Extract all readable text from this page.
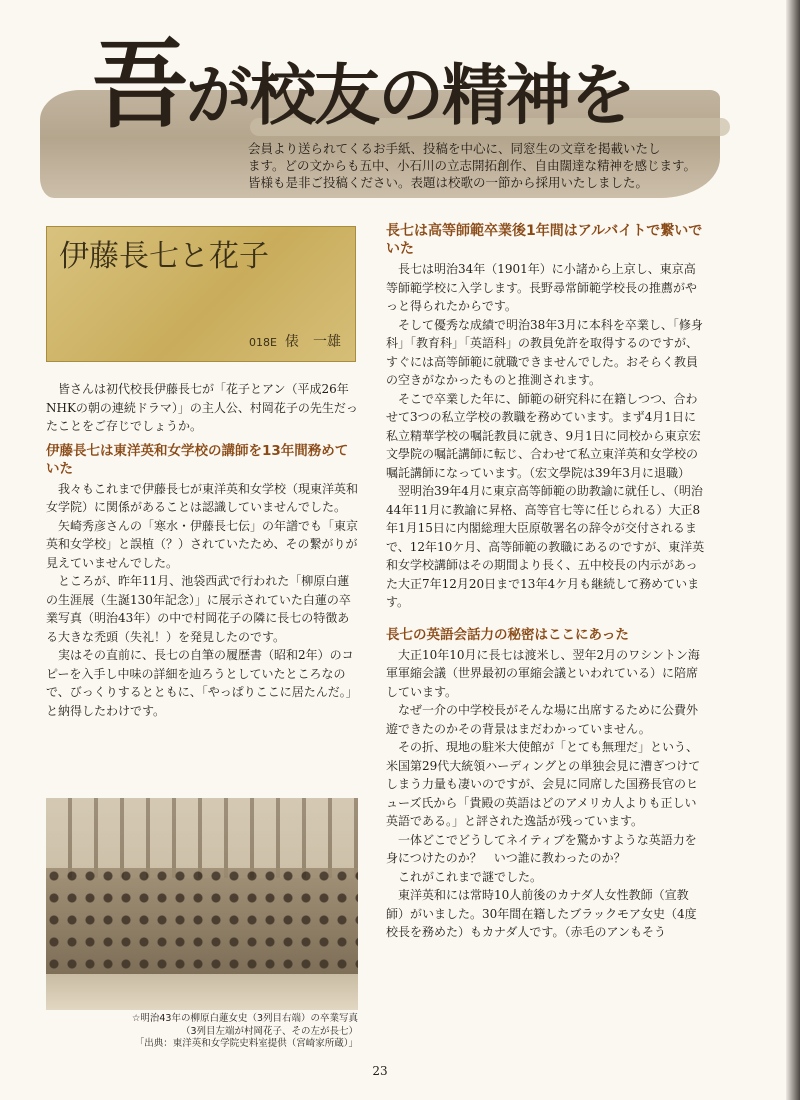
吾が校友の精神を

会員より送られてくるお手紙、投稿を中心に、同窓生の文章を掲載いたし

ます。どの文からも五中、小石川の立志開拓創作、自由闊達な精神を感じます。

皆様も是非ご投稿ください。表題は校歌の一節から採用いたしました。

伊藤長七と花子

018E 俵　一雄

皆さんは初代校長伊藤長七が「花子とアン（平成26年NHKの朝の連続ドラマ）」の主人公、村岡花子の先生だったことをご存じでしょうか。

伊藤長七は東洋英和女学校の講師を13年間務めていた

我々もこれまで伊藤長七が東洋英和女学校（現東洋英和女学院）に関係があることは認識していませんでした。

矢崎秀彦さんの「寒水・伊藤長七伝」の年譜でも「東京英和女学校」と誤植（？）されていたため、その繋がりが見えていませんでした。

ところが、昨年11月、池袋西武で行われた「柳原白蓮の生涯展（生誕130年記念）」に展示されていた白蓮の卒業写真（明治43年）の中で村岡花子の隣に長七の特徴ある大きな禿頭（失礼！）を発見したのです。

実はその直前に、長七の自筆の履歴書（昭和2年）のコピーを入手し中味の詳細を辿ろうとしていたところなので、びっくりするとともに、「やっぱりここに居たんだ。」と納得したわけです。

☆明治43年の柳原白蓮女史（3列目右端）の卒業写真
（3列目左端が村岡花子、その左が長七）
「出典：東洋英和女学院史料室提供（宮崎家所蔵）」

長七は高等師範卒業後1年間はアルバイトで繋いでいた

長七は明治34年（1901年）に小諸から上京し、東京高等師範学校に入学します。長野尋常師範学校長の推薦がやっと得られたからです。

そして優秀な成績で明治38年3月に本科を卒業し、「修身科」「教育科」「英語科」の教員免許を取得するのですが、すぐには高等師範に就職できませんでした。おそらく教員の空きがなかったものと推測されます。

そこで卒業した年に、師範の研究科に在籍しつつ、合わせて3つの私立学校の教職を務めています。まず4月1日に私立精華学校の嘱託教員に就き、9月1日に同校から東京宏文學院の嘱託講師に転じ、合わせて私立東洋英和女学校の嘱託講師になっています。（宏文學院は39年3月に退職）

翌明治39年4月に東京高等師範の助教諭に就任し、（明治44年11月に教諭に昇格、高等官七等に任じられる）大正8年1月15日に内閣総理大臣原敬署名の辞令が交付されるまで、12年10ケ月、高等師範の教職にあるのですが、東洋英和女学校講師はその期間より長く、五中校長の内示があった大正7年12月20日まで13年4ケ月も継続して務めています。

長七の英語会話力の秘密はここにあった

大正10年10月に長七は渡米し、翌年2月のワシントン海軍軍縮会議（世界最初の軍縮会議といわれている）に陪席しています。

なぜ一介の中学校長がそんな場に出席するために公費外遊できたのかその背景はまだわかっていません。

その折、現地の駐米大使館が「とても無理だ」という、米国第29代大統領ハーディングとの単独会見に漕ぎつけてしまう力量も凄いのですが、会見に同席した国務長官のヒューズ氏から「貴殿の英語はどのアメリカ人よりも正しい英語である。」と評された逸話が残っています。

一体どこでどうしてネイティブを驚かすような英語力を身につけたのか？　いつ誰に教わったのか？

これがこれまで謎でした。

東洋英和には常時10人前後のカナダ人女性教師（宣教師）がいました。30年間在籍したブラックモア女史（4度校長を務めた）もカナダ人です。（赤毛のアンもそう

23
